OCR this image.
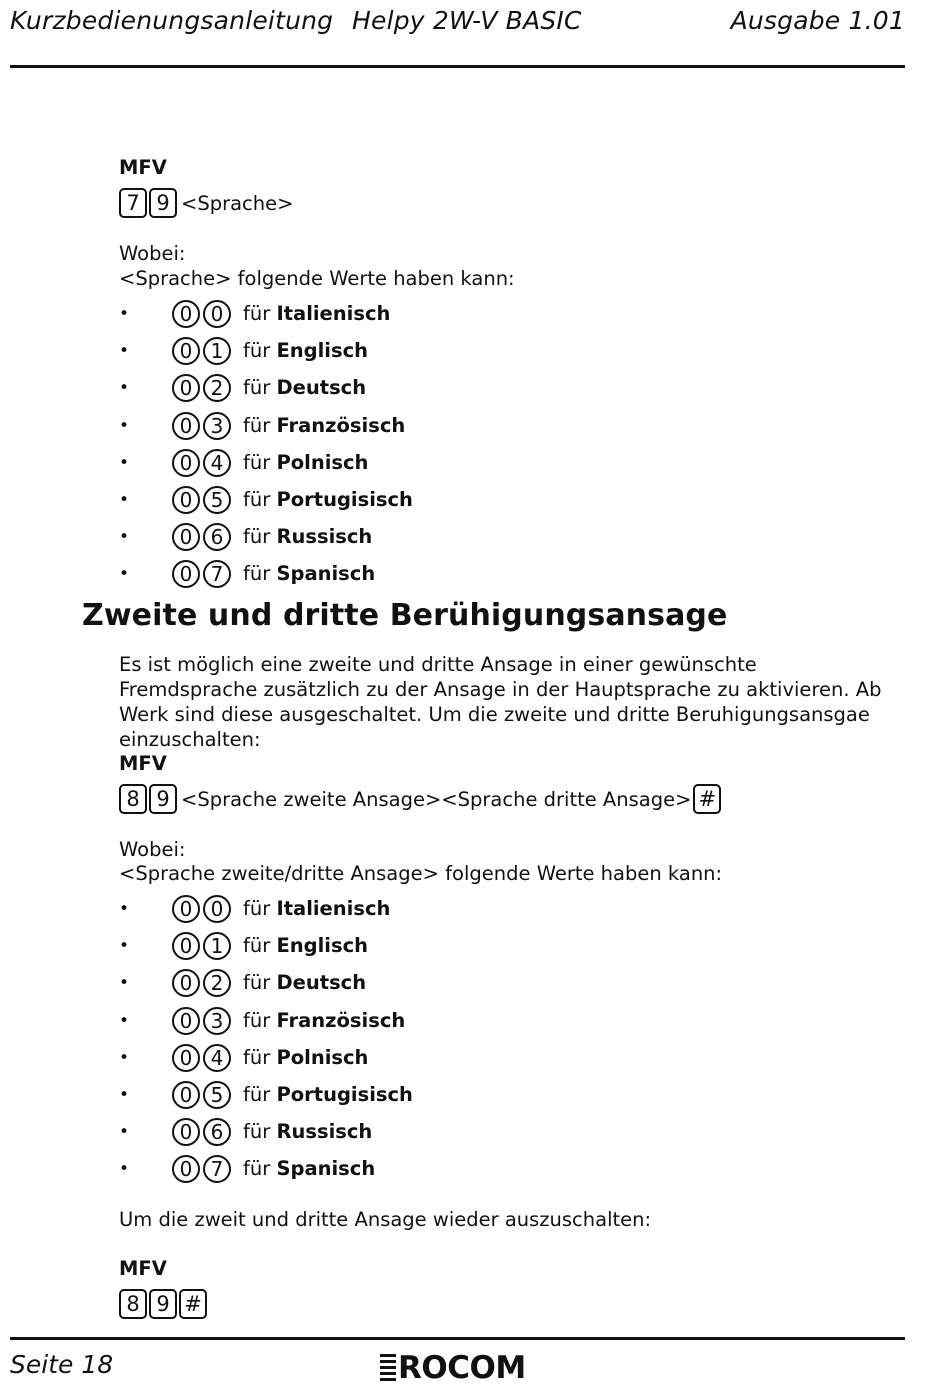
Kurzbedienungsanleitung Helpy 2W-V BASIC	Ausgabe 1.01
MFV
7 9 <Sprache>
Wobei:
<Sprache> folgende Werte haben kann:
•	0 0	für Italienisch
•	0 1	für Englisch
•	0 2	für Deutsch
•	0 3	für Französisch
•	0 4	für Polnisch
•	0 5	für Portugisisch
•	0 6	für Russisch
•	0 7	für Spanisch
Zweite und dritte Berühigungsansage
Es ist möglich eine zweite und dritte Ansage in einer gewünschte Fremdsprache zusätzlich zu der Ansage in der Hauptsprache zu aktivieren. Ab Werk sind diese ausgeschaltet. Um die zweite und dritte Beruhigungsansgae einzuschalten:
MFV
8 9 <Sprache zweite Ansage><Sprache dritte Ansage> #
Wobei:
<Sprache zweite/dritte Ansage> folgende Werte haben kann:
•	0 0	für Italienisch
•	0 1	für Englisch
•	0 2	für Deutsch
•	0 3	für Französisch
•	0 4	für Polnisch
•	0 5	für Portugisisch
•	0 6	für Russisch
•	0 7	für Spanisch
Um die zweit und dritte Ansage wieder auszuschalten:
MFV
8 9 #
Seite 18	ROCOM
